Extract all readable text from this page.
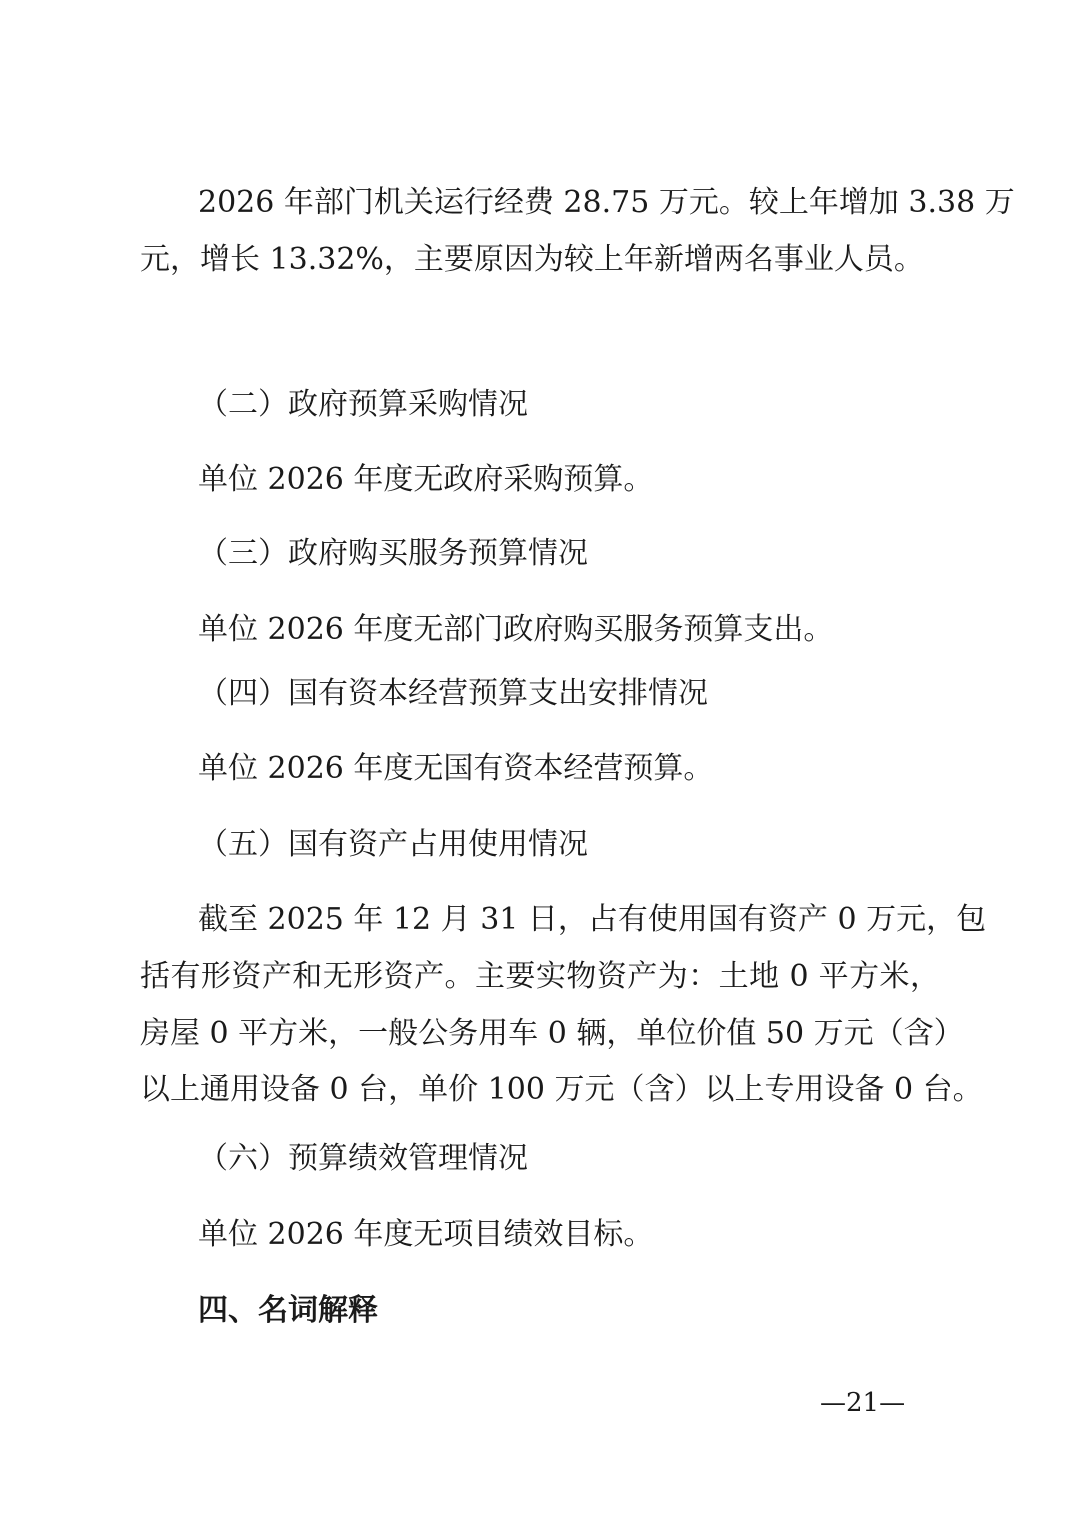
2026 年部门机关运行经费 28.75 万元。较上年增加 3.38 万

元，增长 13.32%，主要原因为较上年新增两名事业人员。

（二）政府预算采购情况

单位 2026 年度无政府采购预算。

（三）政府购买服务预算情况

单位 2026 年度无部门政府购买服务预算支出。

（四）国有资本经营预算支出安排情况

单位 2026 年度无国有资本经营预算。

（五）国有资产占用使用情况

截至 2025 年 12 月 31 日，占有使用国有资产 0 万元，包

括有形资产和无形资产。主要实物资产为：土地 0 平方米，

房屋 0 平方米，一般公务用车 0 辆，单位价值 50 万元（含）

以上通用设备 0 台，单价 100 万元（含）以上专用设备 0 台。

（六）预算绩效管理情况

单位 2026 年度无项目绩效目标。

四、名词解释

—21—
